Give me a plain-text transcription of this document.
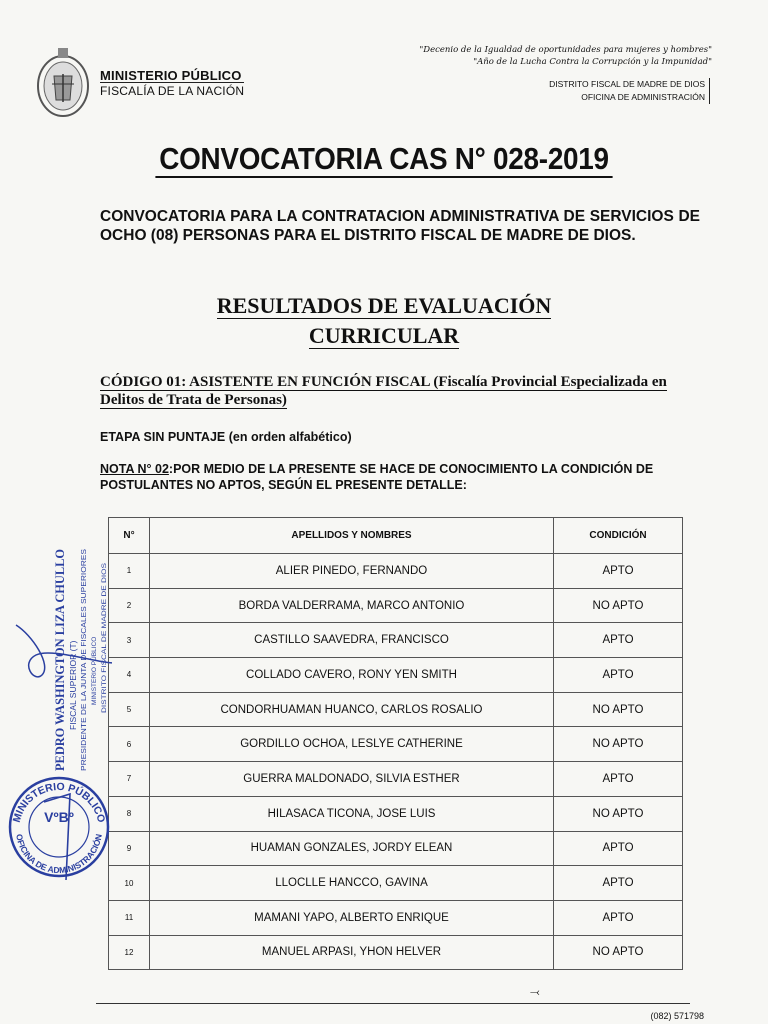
MINISTERIO PÚBLICO
FISCALÍA DE LA NACIÓN
"Decenio de la Igualdad de oportunidades para mujeres y hombres"
"Año de la Lucha Contra la Corrupción y la Impunidad"
DISTRITO FISCAL DE MADRE DE DIOS
OFICINA DE ADMINISTRACIÓN
CONVOCATORIA CAS N° 028-2019
CONVOCATORIA PARA LA CONTRATACION ADMINISTRATIVA DE SERVICIOS DE OCHO (08) PERSONAS PARA EL DISTRITO FISCAL DE MADRE DE DIOS.
RESULTADOS DE EVALUACIÓN
CURRICULAR
CÓDIGO 01: ASISTENTE EN FUNCIÓN FISCAL (Fiscalía Provincial Especializada en Delitos de Trata de Personas)
ETAPA SIN PUNTAJE (en orden alfabético)
NOTA N° 02:POR MEDIO DE LA PRESENTE SE HACE DE CONOCIMIENTO LA CONDICIÓN DE POSTULANTES NO APTOS, SEGÚN EL PRESENTE DETALLE:
N°	APELLIDOS Y NOMBRES	CONDICIÓN
1	ALIER PINEDO, FERNANDO	APTO
2	BORDA VALDERRAMA, MARCO ANTONIO	NO APTO
3	CASTILLO SAAVEDRA, FRANCISCO	APTO
4	COLLADO CAVERO, RONY YEN SMITH	APTO
5	CONDORHUAMAN HUANCO, CARLOS ROSALIO	NO APTO
6	GORDILLO OCHOA, LESLYE CATHERINE	NO APTO
7	GUERRA MALDONADO, SILVIA ESTHER	APTO
8	HILASACA TICONA, JOSE LUIS	NO APTO
9	HUAMAN GONZALES, JORDY ELEAN	APTO
10	LLOCLLE HANCCO, GAVINA	APTO
11	MAMANI YAPO, ALBERTO ENRIQUE	APTO
12	MANUEL ARPASI, YHON HELVER	NO APTO
PEDRO WASHINGTON LIZA CHULLO FISCAL SUPERIOR (T) PRESIDENTE DE LA JUNTA DE FISCALES SUPERIORES MINISTERIO PÚBLICO DISTRITO FISCAL DE MADRE DE DIOS
MINISTERIO PÚBLICO
OFICINA DE ADMINISTRACIÓN
VºBº
⤙
(082) 571798
